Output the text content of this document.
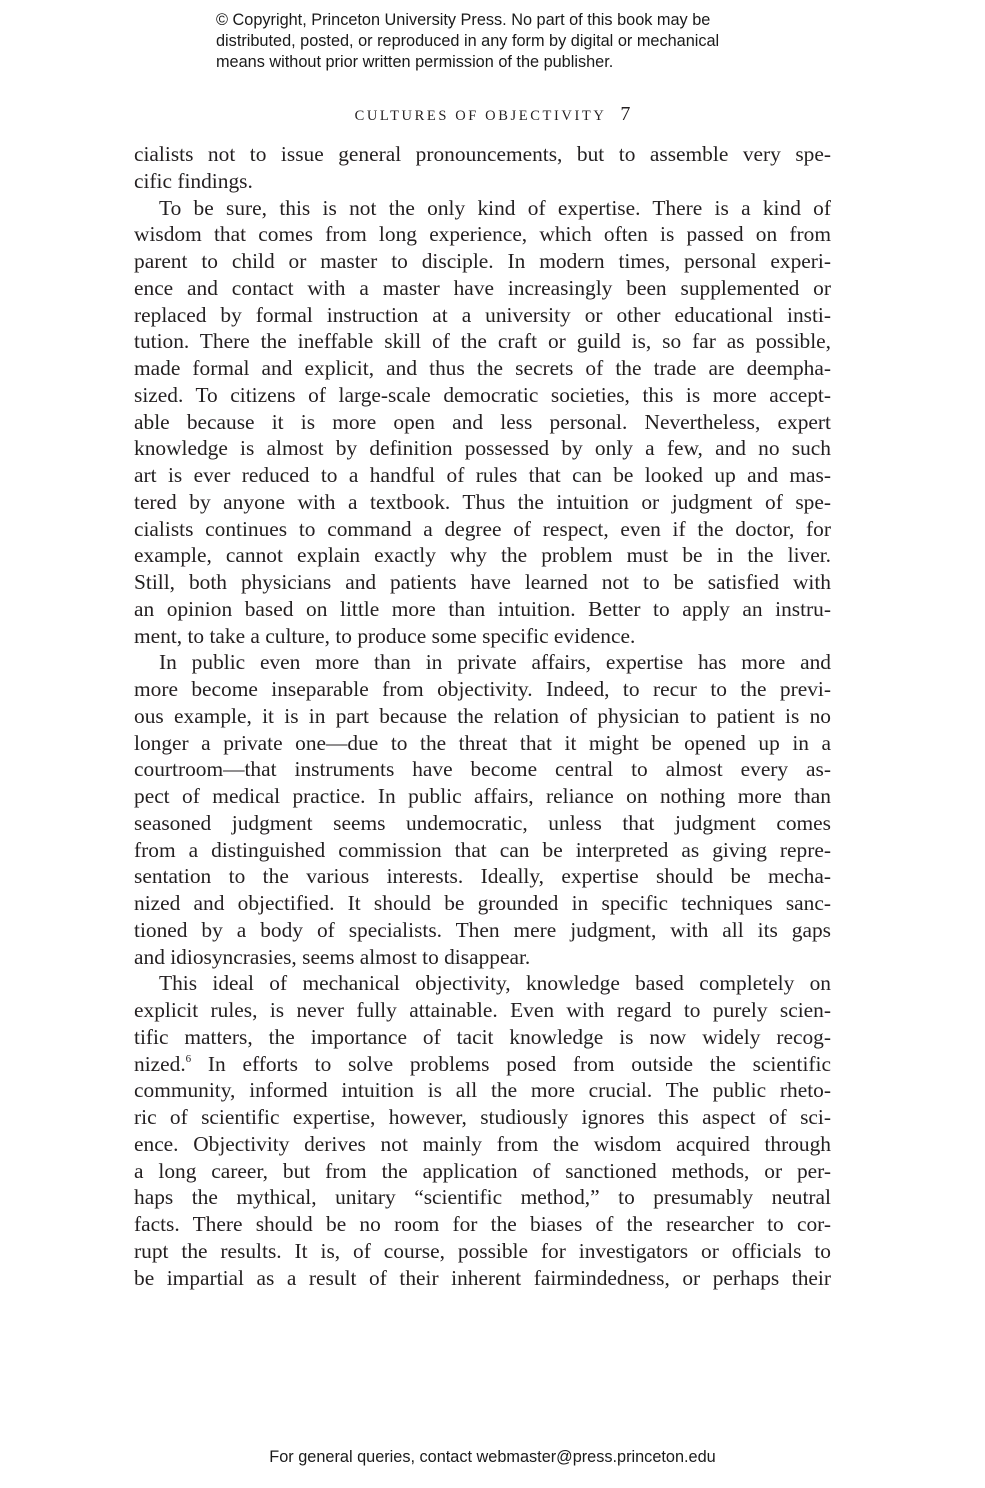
© Copyright, Princeton University Press. No part of this book may be
distributed, posted, or reproduced in any form by digital or mechanical
means without prior written permission of the publisher.
CULTURES OF OBJECTIVITY 7
cialists not to issue general pronouncements, but to assemble very spe-
cific findings.
To be sure, this is not the only kind of expertise. There is a kind of
wisdom that comes from long experience, which often is passed on from
parent to child or master to disciple. In modern times, personal experi-
ence and contact with a master have increasingly been supplemented or
replaced by formal instruction at a university or other educational insti-
tution. There the ineffable skill of the craft or guild is, so far as possible,
made formal and explicit, and thus the secrets of the trade are deempha-
sized. To citizens of large-scale democratic societies, this is more accept-
able because it is more open and less personal. Nevertheless, expert
knowledge is almost by definition possessed by only a few, and no such
art is ever reduced to a handful of rules that can be looked up and mas-
tered by anyone with a textbook. Thus the intuition or judgment of spe-
cialists continues to command a degree of respect, even if the doctor, for
example, cannot explain exactly why the problem must be in the liver.
Still, both physicians and patients have learned not to be satisfied with
an opinion based on little more than intuition. Better to apply an instru-
ment, to take a culture, to produce some specific evidence.
In public even more than in private affairs, expertise has more and
more become inseparable from objectivity. Indeed, to recur to the previ-
ous example, it is in part because the relation of physician to patient is no
longer a private one—due to the threat that it might be opened up in a
courtroom—that instruments have become central to almost every as-
pect of medical practice. In public affairs, reliance on nothing more than
seasoned judgment seems undemocratic, unless that judgment comes
from a distinguished commission that can be interpreted as giving repre-
sentation to the various interests. Ideally, expertise should be mecha-
nized and objectified. It should be grounded in specific techniques sanc-
tioned by a body of specialists. Then mere judgment, with all its gaps
and idiosyncrasies, seems almost to disappear.
This ideal of mechanical objectivity, knowledge based completely on
explicit rules, is never fully attainable. Even with regard to purely scien-
tific matters, the importance of tacit knowledge is now widely recog-
nized.$^6$ In efforts to solve problems posed from outside the scientific
community, informed intuition is all the more crucial. The public rheto-
ric of scientific expertise, however, studiously ignores this aspect of sci-
ence. Objectivity derives not mainly from the wisdom acquired through
a long career, but from the application of sanctioned methods, or per-
haps the mythical, unitary “scientific method,” to presumably neutral
facts. There should be no room for the biases of the researcher to cor-
rupt the results. It is, of course, possible for investigators or officials to
be impartial as a result of their inherent fairmindedness, or perhaps their
For general queries, contact webmaster@press.princeton.edu
